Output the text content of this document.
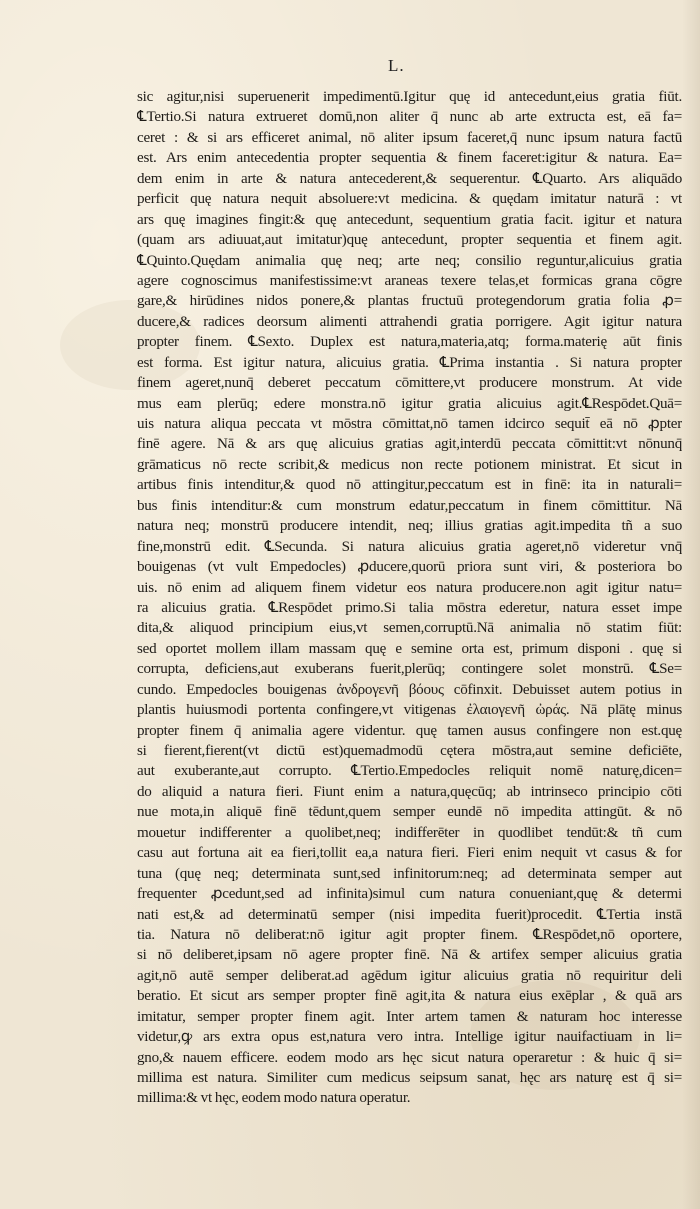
L.
sic agitur,nisi superuenerit impedimentū.Igitur quę id antecedunt,eius gratia fiūt.
℄Tertio.Si natura extrueret domū,non aliter q̄ nunc ab arte extructa est, eā fa=
ceret : & si ars efficeret animal, nō aliter ipsum faceret,q̄ nunc ipsum natura factū
est. Ars enim antecedentia propter sequentia & finem faceret:igitur & natura. Ea=
dem enim in arte & natura antecederent,& sequerentur. ℄Quarto. Ars aliquādo
perficit quę natura nequit absoluere:vt medicina. & quędam imitatur naturā : vt
ars quę imagines fingit:& quę antecedunt, sequentium gratia facit. igitur et natura
(quam ars adiuuat,aut imitatur)quę antecedunt, propter sequentia et finem agit.
℄Quinto.Quędam animalia quę neq; arte neq; consilio reguntur,alicuius gratia
agere cognoscimus manifestissime:vt araneas texere telas,et formicas grana cōgre
gare,& hirūdines nidos ponere,& plantas fructuū protegendorum gratia folia ꝓ=
ducere,& radices deorsum alimenti attrahendi gratia porrigere. Agit igitur natura
propter finem. ℄Sexto. Duplex est natura,materia,atq; forma.materię aūt finis
est forma. Est igitur natura, alicuius gratia. ℄Prima instantia . Si natura propter
finem ageret,nunq̄ deberet peccatum cōmittere,vt producere monstrum. At vide
mus eam plerūq; edere monstra.nō igitur gratia alicuius agit.℄Respōdet.Quā=
uis natura aliqua peccata vt mōstra cōmittat,nō tamen idcirco sequit̄ eā nō ꝓpter
finē agere. Nā & ars quę alicuius gratias agit,interdū peccata cōmittit:vt nōnunq̄
grāmaticus nō recte scribit,& medicus non recte potionem ministrat. Et sicut in
artibus finis intenditur,& quod nō attingitur,peccatum est in finē: ita in naturali=
bus finis intenditur:& cum monstrum edatur,peccatum in finem cōmittitur. Nā
natura neq; monstrū producere intendit, neq; illius gratias agit.impedita tñ a suo
fine,monstrū edit. ℄Secunda. Si natura alicuius gratia ageret,nō videretur vnq̄
bouigenas (vt vult Empedocles) ꝓducere,quorū priora sunt viri, & posteriora bo
uis. nō enim ad aliquem finem videtur eos natura producere.non agit igitur natu=
ra alicuius gratia. ℄Respōdet primo.Si talia mōstra ederetur, natura esset impe
dita,& aliquod principium eius,vt semen,corruptū.Nā animalia nō statim fiūt:
sed oportet mollem illam massam quę e semine orta est, primum disponi . quę si
corrupta, deficiens,aut exuberans fuerit,plerūq; contingere solet monstrū. ℄Se=
cundo. Empedocles bouigenas ἀνδρογενῆ βόους cōfinxit. Debuisset autem potius in
plantis huiusmodi portenta confingere,vt vitigenas ἐλαιογενῆ ὠράς. Nā plātę minus
propter finem q̄ animalia agere videntur. quę tamen ausus confingere non est.quę
si fierent,fierent(vt dictū est)quemadmodū cętera mōstra,aut semine deficiēte,
aut exuberante,aut corrupto. ℄Tertio.Empedocles reliquit nomē naturę,dicen=
do aliquid a natura fieri. Fiunt enim a natura,quęcūq; ab intrinseco principio cōti
nue mota,in aliquē finē tēdunt,quem semper eundē nō impedita attingūt. & nō
mouetur indifferenter a quolibet,neq; indifferēter in quodlibet tendūt:& tñ cum
casu aut fortuna ait ea fieri,tollit ea,a natura fieri. Fieri enim nequit vt casus & for
tuna (quę neq; determinata sunt,sed infinitorum:neq; ad determinata semper aut
frequenter ꝓcedunt,sed ad infinita)simul cum natura conueniant,quę & determi
nati est,& ad determinatū semper (nisi impedita fuerit)procedit. ℄Tertia instā
tia. Natura nō deliberat:nō igitur agit propter finem. ℄Respōdet,nō oportere,
si nō deliberet,ipsam nō agere propter finē. Nā & artifex semper alicuius gratia
agit,nō autē semper deliberat.ad agēdum igitur alicuius gratia nō requiritur deli
beratio. Et sicut ars semper propter finē agit,ita & natura eius exēplar , & quā ars
imitatur, semper propter finem agit. Inter artem tamen & naturam hoc interesse
videtur,ꝙ ars extra opus est,natura vero intra. Intellige igitur nauifactiuam in li=
gno,& nauem efficere. eodem modo ars hęc sicut natura operaretur : & huic q̄ si=
millima est natura. Similiter cum medicus seipsum sanat, hęc ars naturę est q̄ si=
millima:& vt hęc, eodem modo natura operatur.
